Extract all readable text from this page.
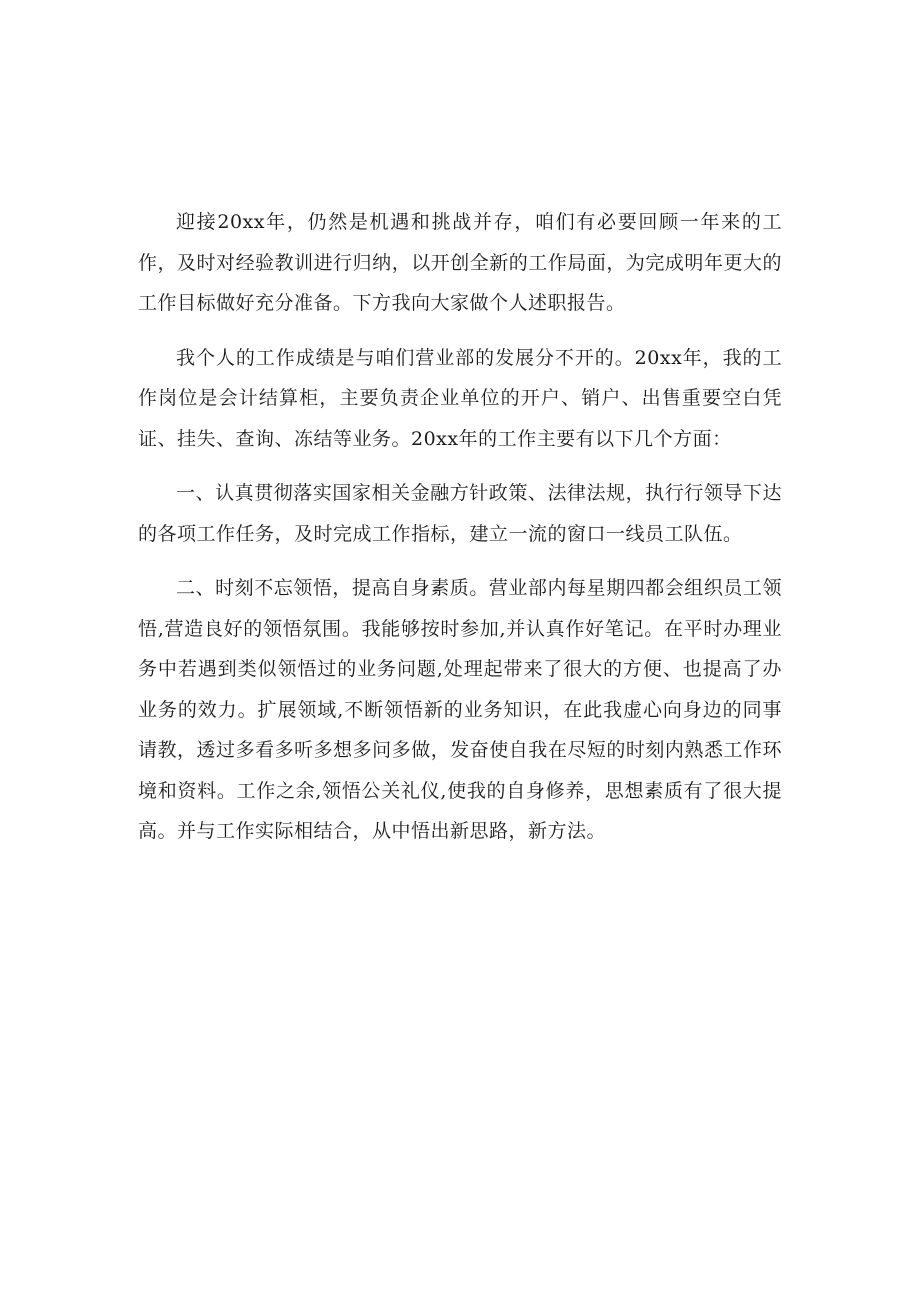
迎接20xx年，仍然是机遇和挑战并存，咱们有必要回顾一年来的工作，及时对经验教训进行归纳，以开创全新的工作局面，为完成明年更大的工作目标做好充分准备。下方我向大家做个人述职报告。

我个人的工作成绩是与咱们营业部的发展分不开的。20xx年，我的工作岗位是会计结算柜，主要负责企业单位的开户、销户、出售重要空白凭证、挂失、查询、冻结等业务。20xx年的工作主要有以下几个方面：

一、认真贯彻落实国家相关金融方针政策、法律法规，执行行领导下达的各项工作任务，及时完成工作指标，建立一流的窗口一线员工队伍。

二、时刻不忘领悟，提高自身素质。营业部内每星期四都会组织员工领悟,营造良好的领悟氛围。我能够按时参加,并认真作好笔记。在平时办理业务中若遇到类似领悟过的业务问题,处理起带来了很大的方便、也提高了办业务的效力。扩展领域,不断领悟新的业务知识，在此我虚心向身边的同事请教，透过多看多听多想多问多做，发奋使自我在尽短的时刻内熟悉工作环境和资料。工作之余,领悟公关礼仪,使我的自身修养，思想素质有了很大提高。并与工作实际相结合，从中悟出新思路，新方法。
